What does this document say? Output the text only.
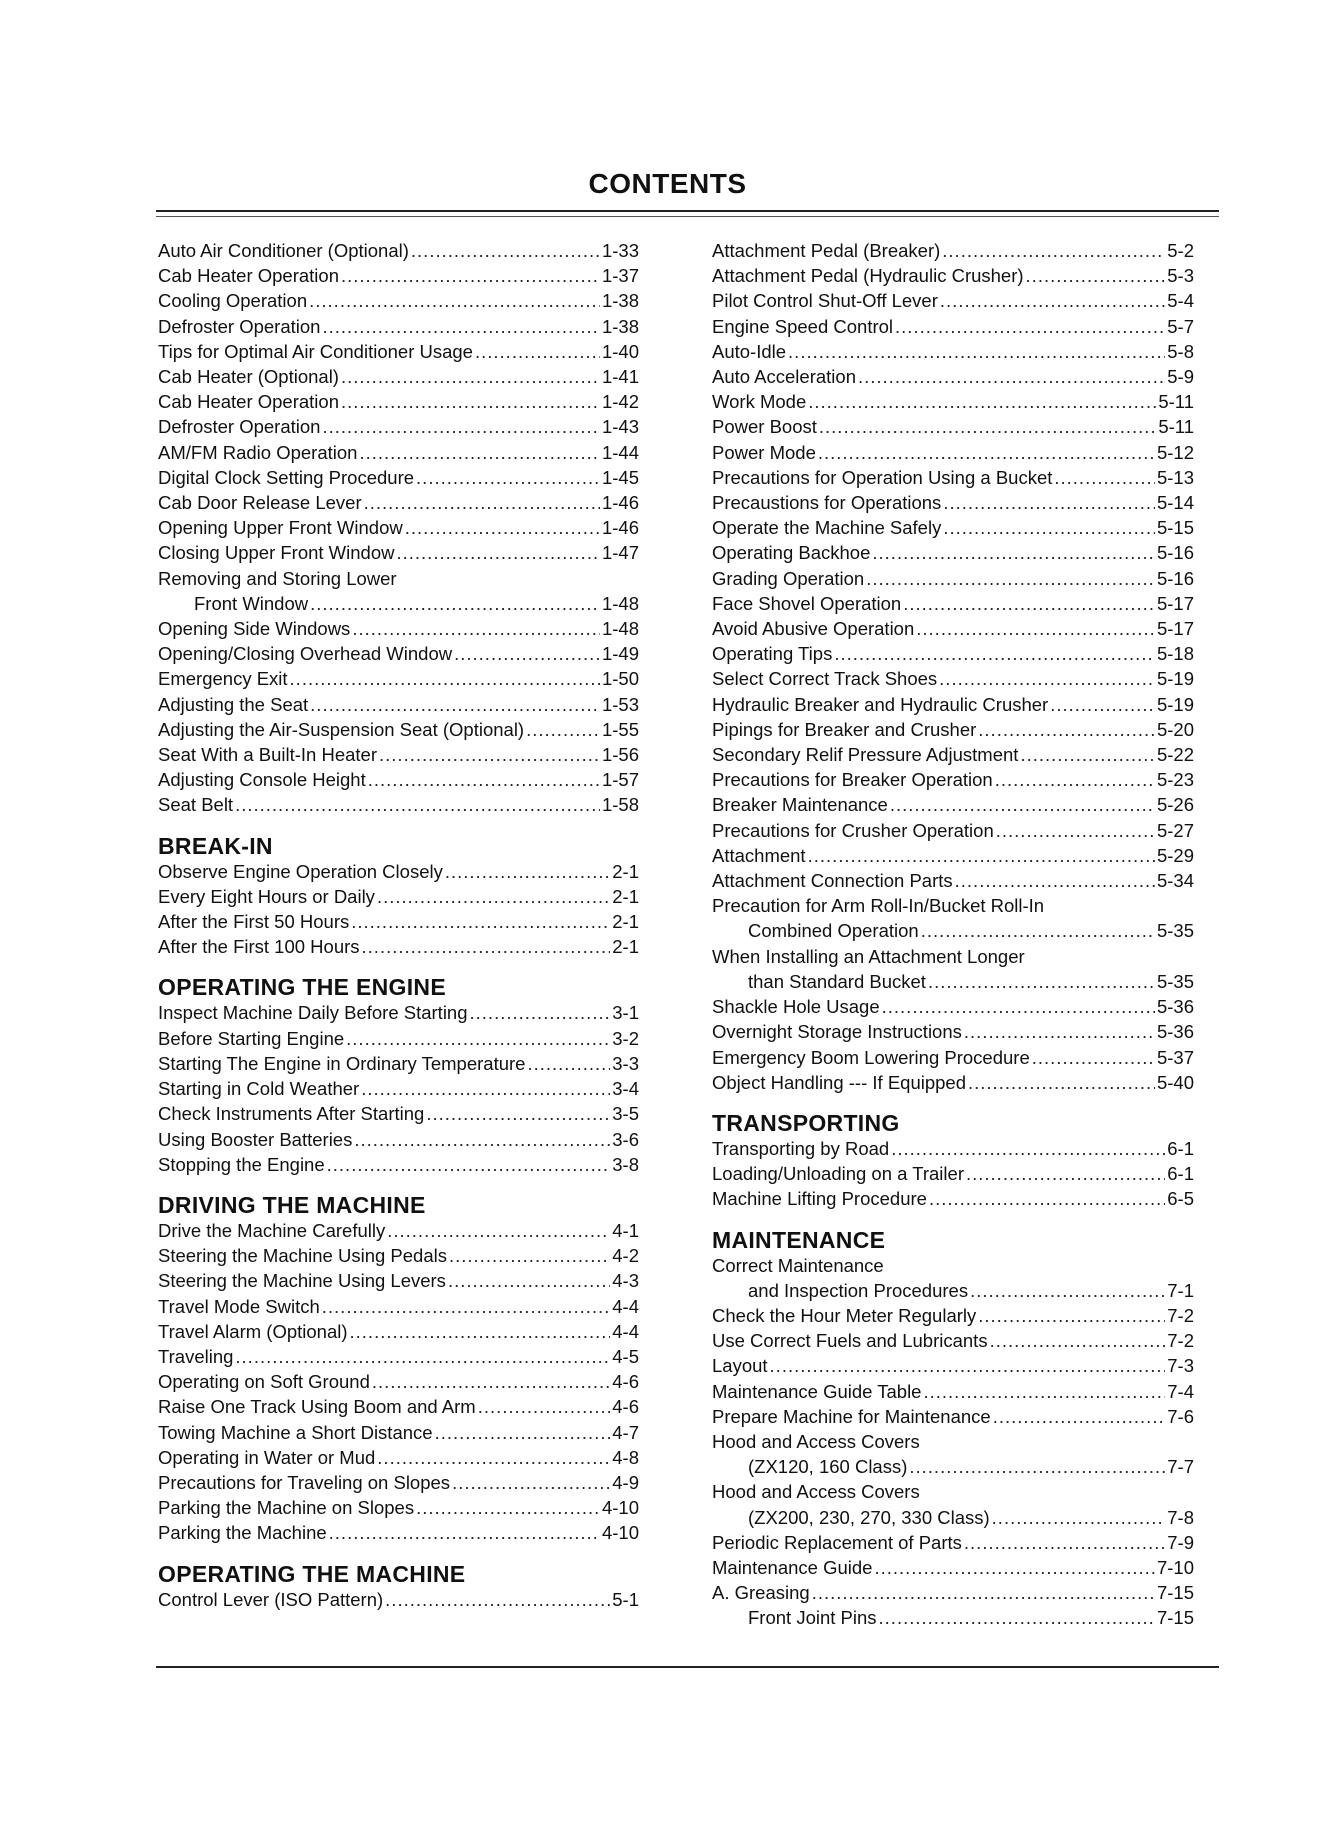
CONTENTS
Auto Air Conditioner (Optional) .....	1-33
Cab Heater Operation .....	1-37
Cooling Operation .....	1-38
Defroster Operation .....	1-38
Tips for Optimal Air Conditioner Usage .....	1-40
Cab Heater (Optional) .....	1-41
Cab Heater Operation .....	1-42
Defroster Operation .....	1-43
AM/FM Radio Operation .....	1-44
Digital Clock Setting Procedure .....	1-45
Cab Door Release Lever .....	1-46
Opening Upper Front Window .....	1-46
Closing Upper Front Window .....	1-47
Removing and Storing Lower
Front Window .....	1-48
Opening Side Windows .....	1-48
Opening/Closing Overhead Window .....	1-49
Emergency Exit .....	1-50
Adjusting the Seat .....	1-53
Adjusting the Air-Suspension Seat (Optional) .....	1-55
Seat With a Built-In Heater .....	1-56
Adjusting Console Height .....	1-57
Seat Belt .....	1-58
BREAK-IN
Observe Engine Operation Closely .....	2-1
Every Eight Hours or Daily .....	2-1
After the First 50 Hours .....	2-1
After the First 100 Hours .....	2-1
OPERATING THE ENGINE
Inspect Machine Daily Before Starting .....	3-1
Before Starting Engine .....	3-2
Starting The Engine in Ordinary Temperature .....	3-3
Starting in Cold Weather .....	3-4
Check Instruments After Starting .....	3-5
Using Booster Batteries .....	3-6
Stopping the Engine .....	3-8
DRIVING THE MACHINE
Drive the Machine Carefully .....	4-1
Steering the Machine Using Pedals .....	4-2
Steering the Machine Using Levers .....	4-3
Travel Mode Switch .....	4-4
Travel Alarm (Optional) .....	4-4
Traveling .....	4-5
Operating on Soft Ground .....	4-6
Raise One Track Using Boom and Arm .....	4-6
Towing Machine a Short Distance .....	4-7
Operating in Water or Mud .....	4-8
Precautions for Traveling on Slopes .....	4-9
Parking the Machine on Slopes .....	4-10
Parking the Machine .....	4-10
OPERATING THE MACHINE
Control Lever (ISO Pattern) .....	5-1
Attachment Pedal (Breaker) .....	5-2
Attachment Pedal (Hydraulic Crusher) .....	5-3
Pilot Control Shut-Off Lever .....	5-4
Engine Speed Control .....	5-7
Auto-Idle .....	5-8
Auto Acceleration .....	5-9
Work Mode .....	5-11
Power Boost .....	5-11
Power Mode .....	5-12
Precautions for Operation Using a Bucket .....	5-13
Precaustions for Operations .....	5-14
Operate the Machine Safely .....	5-15
Operating Backhoe .....	5-16
Grading Operation .....	5-16
Face Shovel Operation .....	5-17
Avoid Abusive Operation .....	5-17
Operating Tips .....	5-18
Select Correct Track Shoes .....	5-19
Hydraulic Breaker and Hydraulic Crusher .....	5-19
Pipings for Breaker and Crusher .....	5-20
Secondary Relif Pressure Adjustment .....	5-22
Precautions for Breaker Operation .....	5-23
Breaker Maintenance .....	5-26
Precautions for Crusher Operation .....	5-27
Attachment .....	5-29
Attachment Connection Parts .....	5-34
Precaution for Arm Roll-In/Bucket Roll-In
Combined Operation .....	5-35
When Installing an Attachment Longer
than Standard Bucket .....	5-35
Shackle Hole Usage .....	5-36
Overnight Storage Instructions .....	5-36
Emergency Boom Lowering Procedure .....	5-37
Object Handling --- If Equipped .....	5-40
TRANSPORTING
Transporting by Road .....	6-1
Loading/Unloading on a Trailer .....	6-1
Machine Lifting Procedure .....	6-5
MAINTENANCE
Correct Maintenance
and Inspection Procedures .....	7-1
Check the Hour Meter Regularly .....	7-2
Use Correct Fuels and Lubricants .....	7-2
Layout .....	7-3
Maintenance Guide Table .....	7-4
Prepare Machine for Maintenance .....	7-6
Hood and Access Covers
(ZX120, 160 Class) .....	7-7
Hood and Access Covers
(ZX200, 230, 270, 330 Class) .....	7-8
Periodic Replacement of Parts .....	7-9
Maintenance Guide .....	7-10
A. Greasing .....	7-15
Front Joint Pins .....	7-15
